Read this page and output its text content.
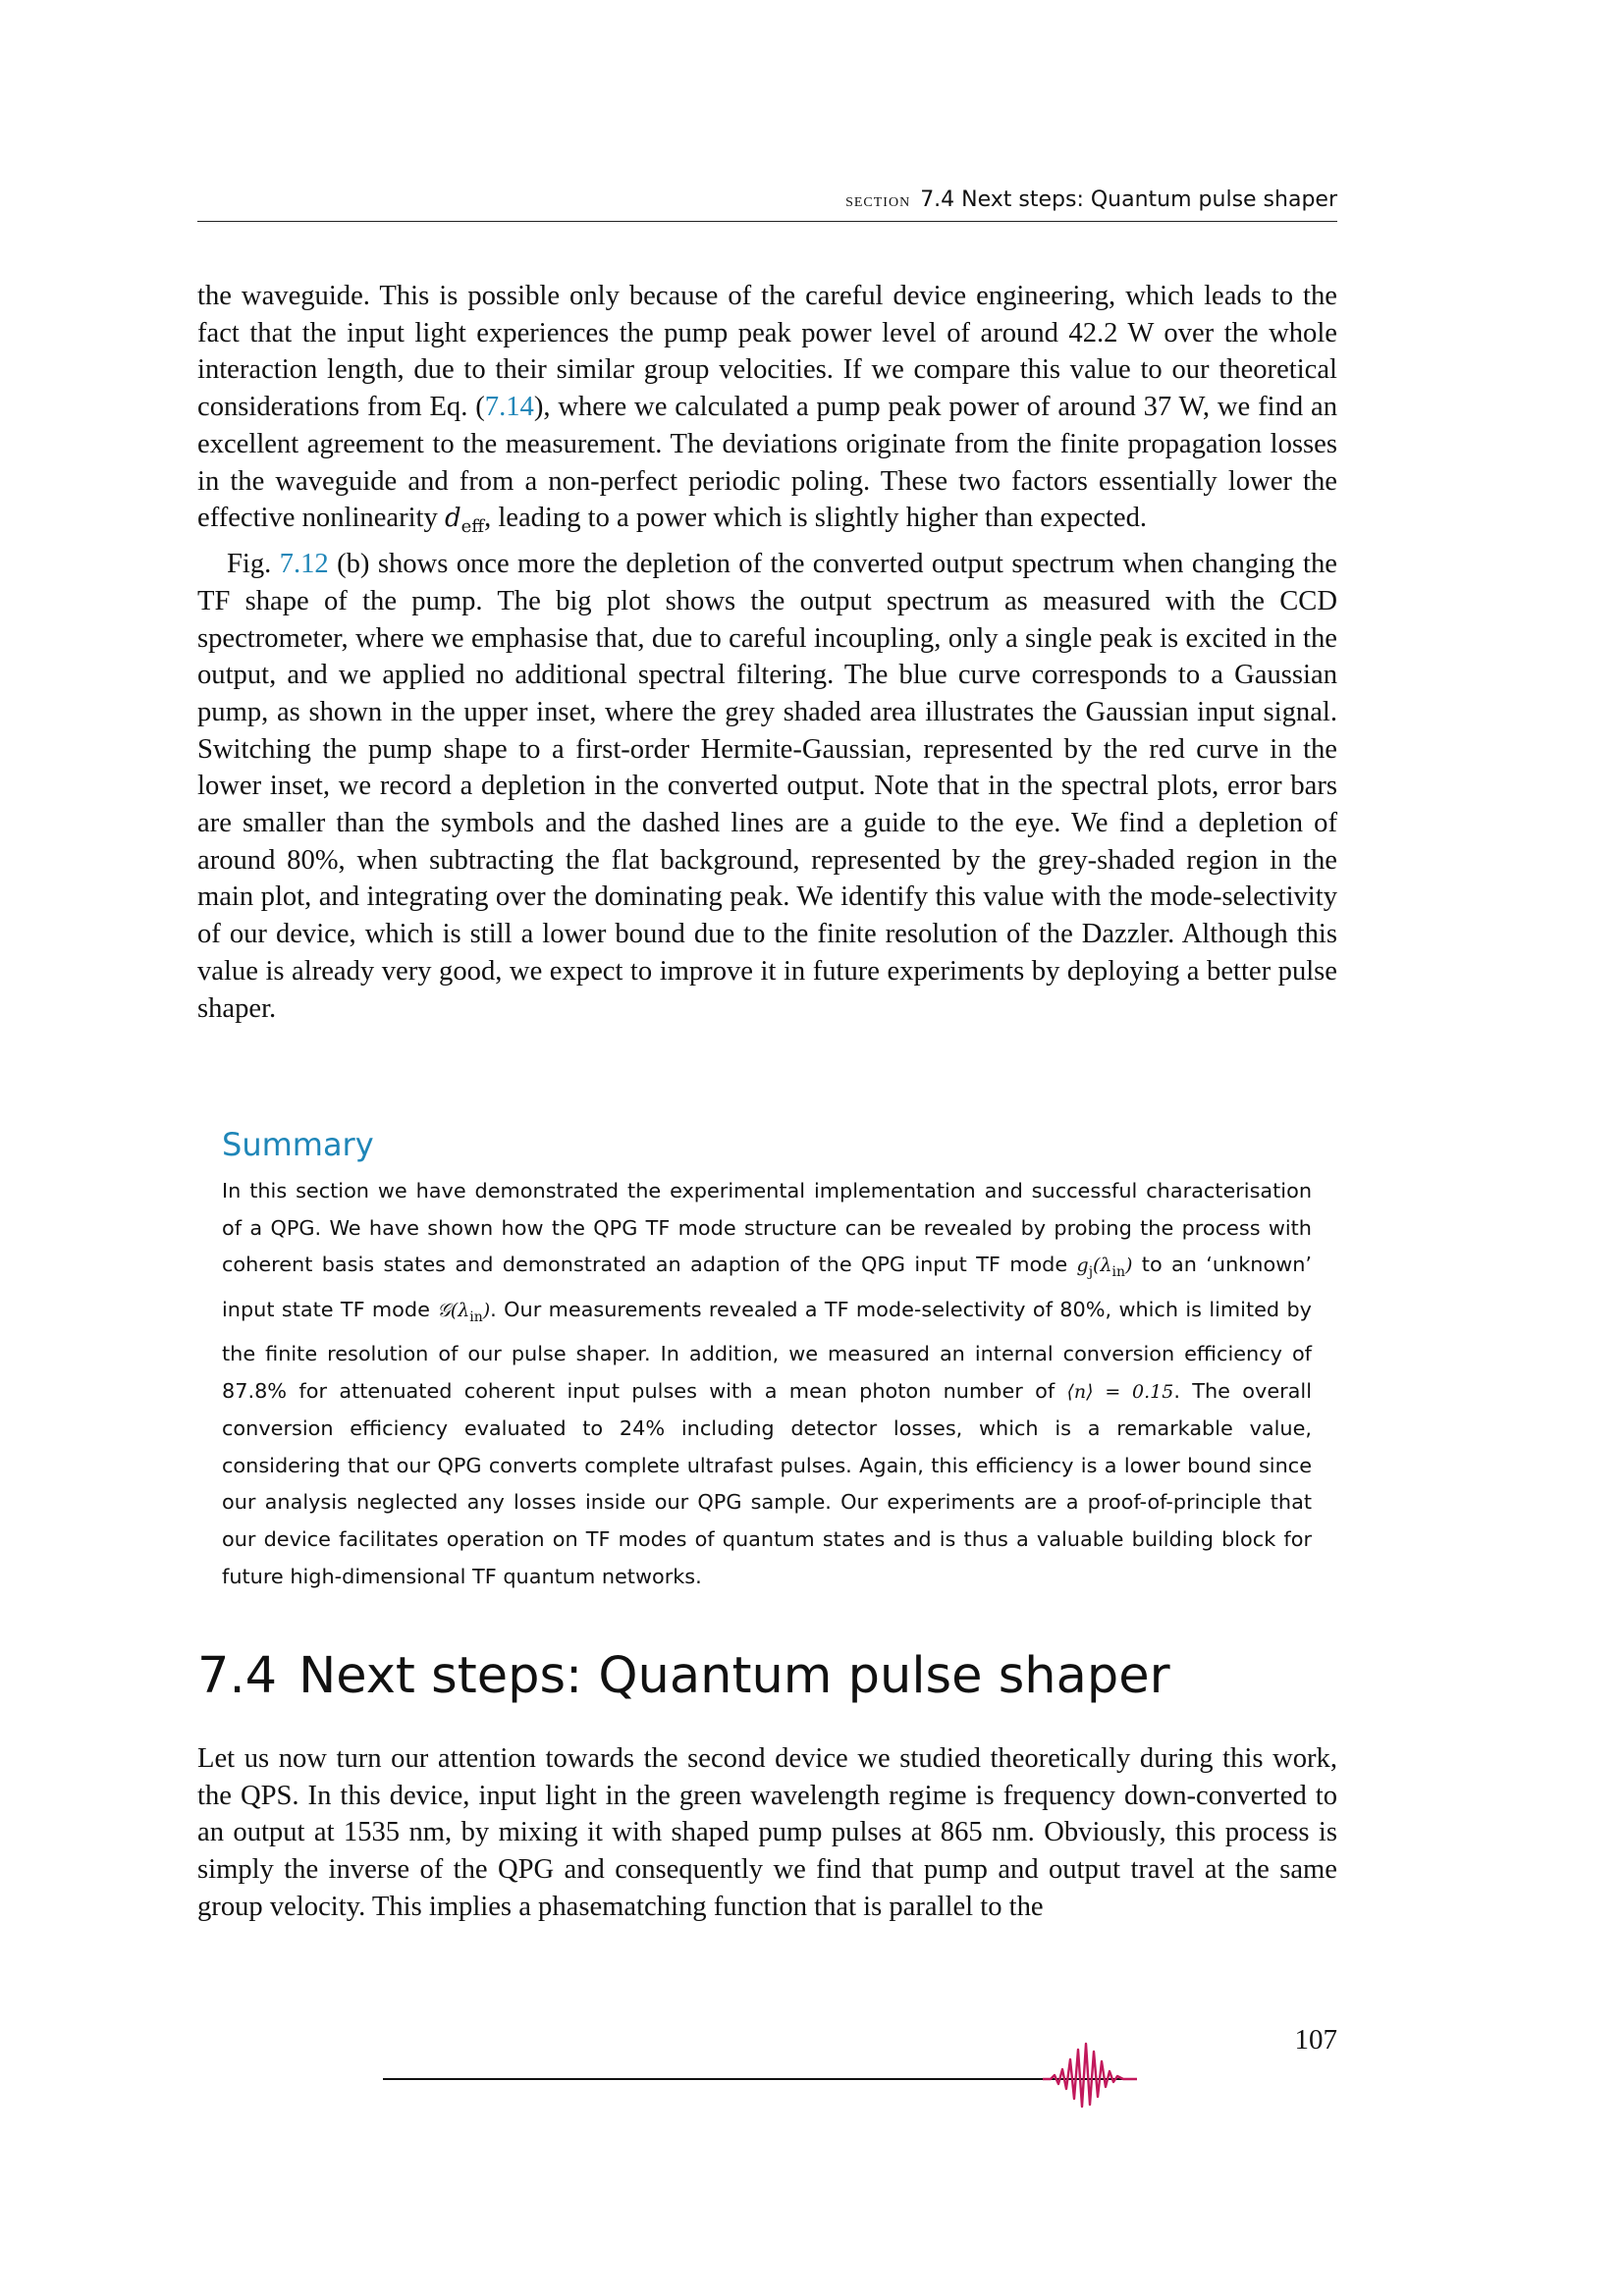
section 7.4 Next steps: Quantum pulse shaper

the waveguide. This is possible only because of the careful device engineering, which leads to the fact that the input light experiences the pump peak power level of around 42.2 W over the whole interaction length, due to their similar group velocities. If we compare this value to our theoretical considerations from Eq. (7.14), where we calculated a pump peak power of around 37 W, we find an excellent agreement to the measurement. The deviations originate from the finite propagation losses in the waveguide and from a non-perfect periodic poling. These two factors essentially lower the effective nonlinearity $d_{eff}$, leading to a power which is slightly higher than expected.

Fig. 7.12 (b) shows once more the depletion of the converted output spectrum when changing the TF shape of the pump. The big plot shows the output spectrum as measured with the CCD spectrometer, where we emphasise that, due to careful incoupling, only a single peak is excited in the output, and we applied no additional spectral filtering. The blue curve corresponds to a Gaussian pump, as shown in the upper inset, where the grey shaded area illustrates the Gaussian input signal. Switching the pump shape to a first-order Hermite-Gaussian, represented by the red curve in the lower inset, we record a depletion in the converted output. Note that in the spectral plots, error bars are smaller than the symbols and the dashed lines are a guide to the eye. We find a depletion of around 80%, when subtracting the flat background, represented by the grey-shaded region in the main plot, and integrating over the dominating peak. We identify this value with the mode-selectivity of our device, which is still a lower bound due to the finite resolution of the Dazzler. Although this value is already very good, we expect to improve it in future experiments by deploying a better pulse shaper.

Summary
In this section we have demonstrated the experimental implementation and successful characterisation of a QPG. We have shown how the QPG TF mode structure can be revealed by probing the process with coherent basis states and demonstrated an adaption of the QPG input TF mode $g_j(\lambda_{in})$ to an ‘unknown’ input state TF mode $𝒢(\lambda_{in})$. Our measurements revealed a TF mode-selectivity of 80%, which is limited by the finite resolution of our pulse shaper. In addition, we measured an internal conversion efficiency of 87.8% for attenuated coherent input pulses with a mean photon number of ⟨n⟩ = 0.15. The overall conversion efficiency evaluated to 24% including detector losses, which is a remarkable value, considering that our QPG converts complete ultrafast pulses. Again, this efficiency is a lower bound since our analysis neglected any losses inside our QPG sample. Our experiments are a proof-of-principle that our device facilitates operation on TF modes of quantum states and is thus a valuable building block for future high-dimensional TF quantum networks.
7.4 Next steps: Quantum pulse shaper

Let us now turn our attention towards the second device we studied theoretically during this work, the QPS. In this device, input light in the green wavelength regime is frequency down-converted to an output at 1535 nm, by mixing it with shaped pump pulses at 865 nm. Obviously, this process is simply the inverse of the QPG and consequently we find that pump and output travel at the same group velocity. This implies a phasematching function that is parallel to the

107
